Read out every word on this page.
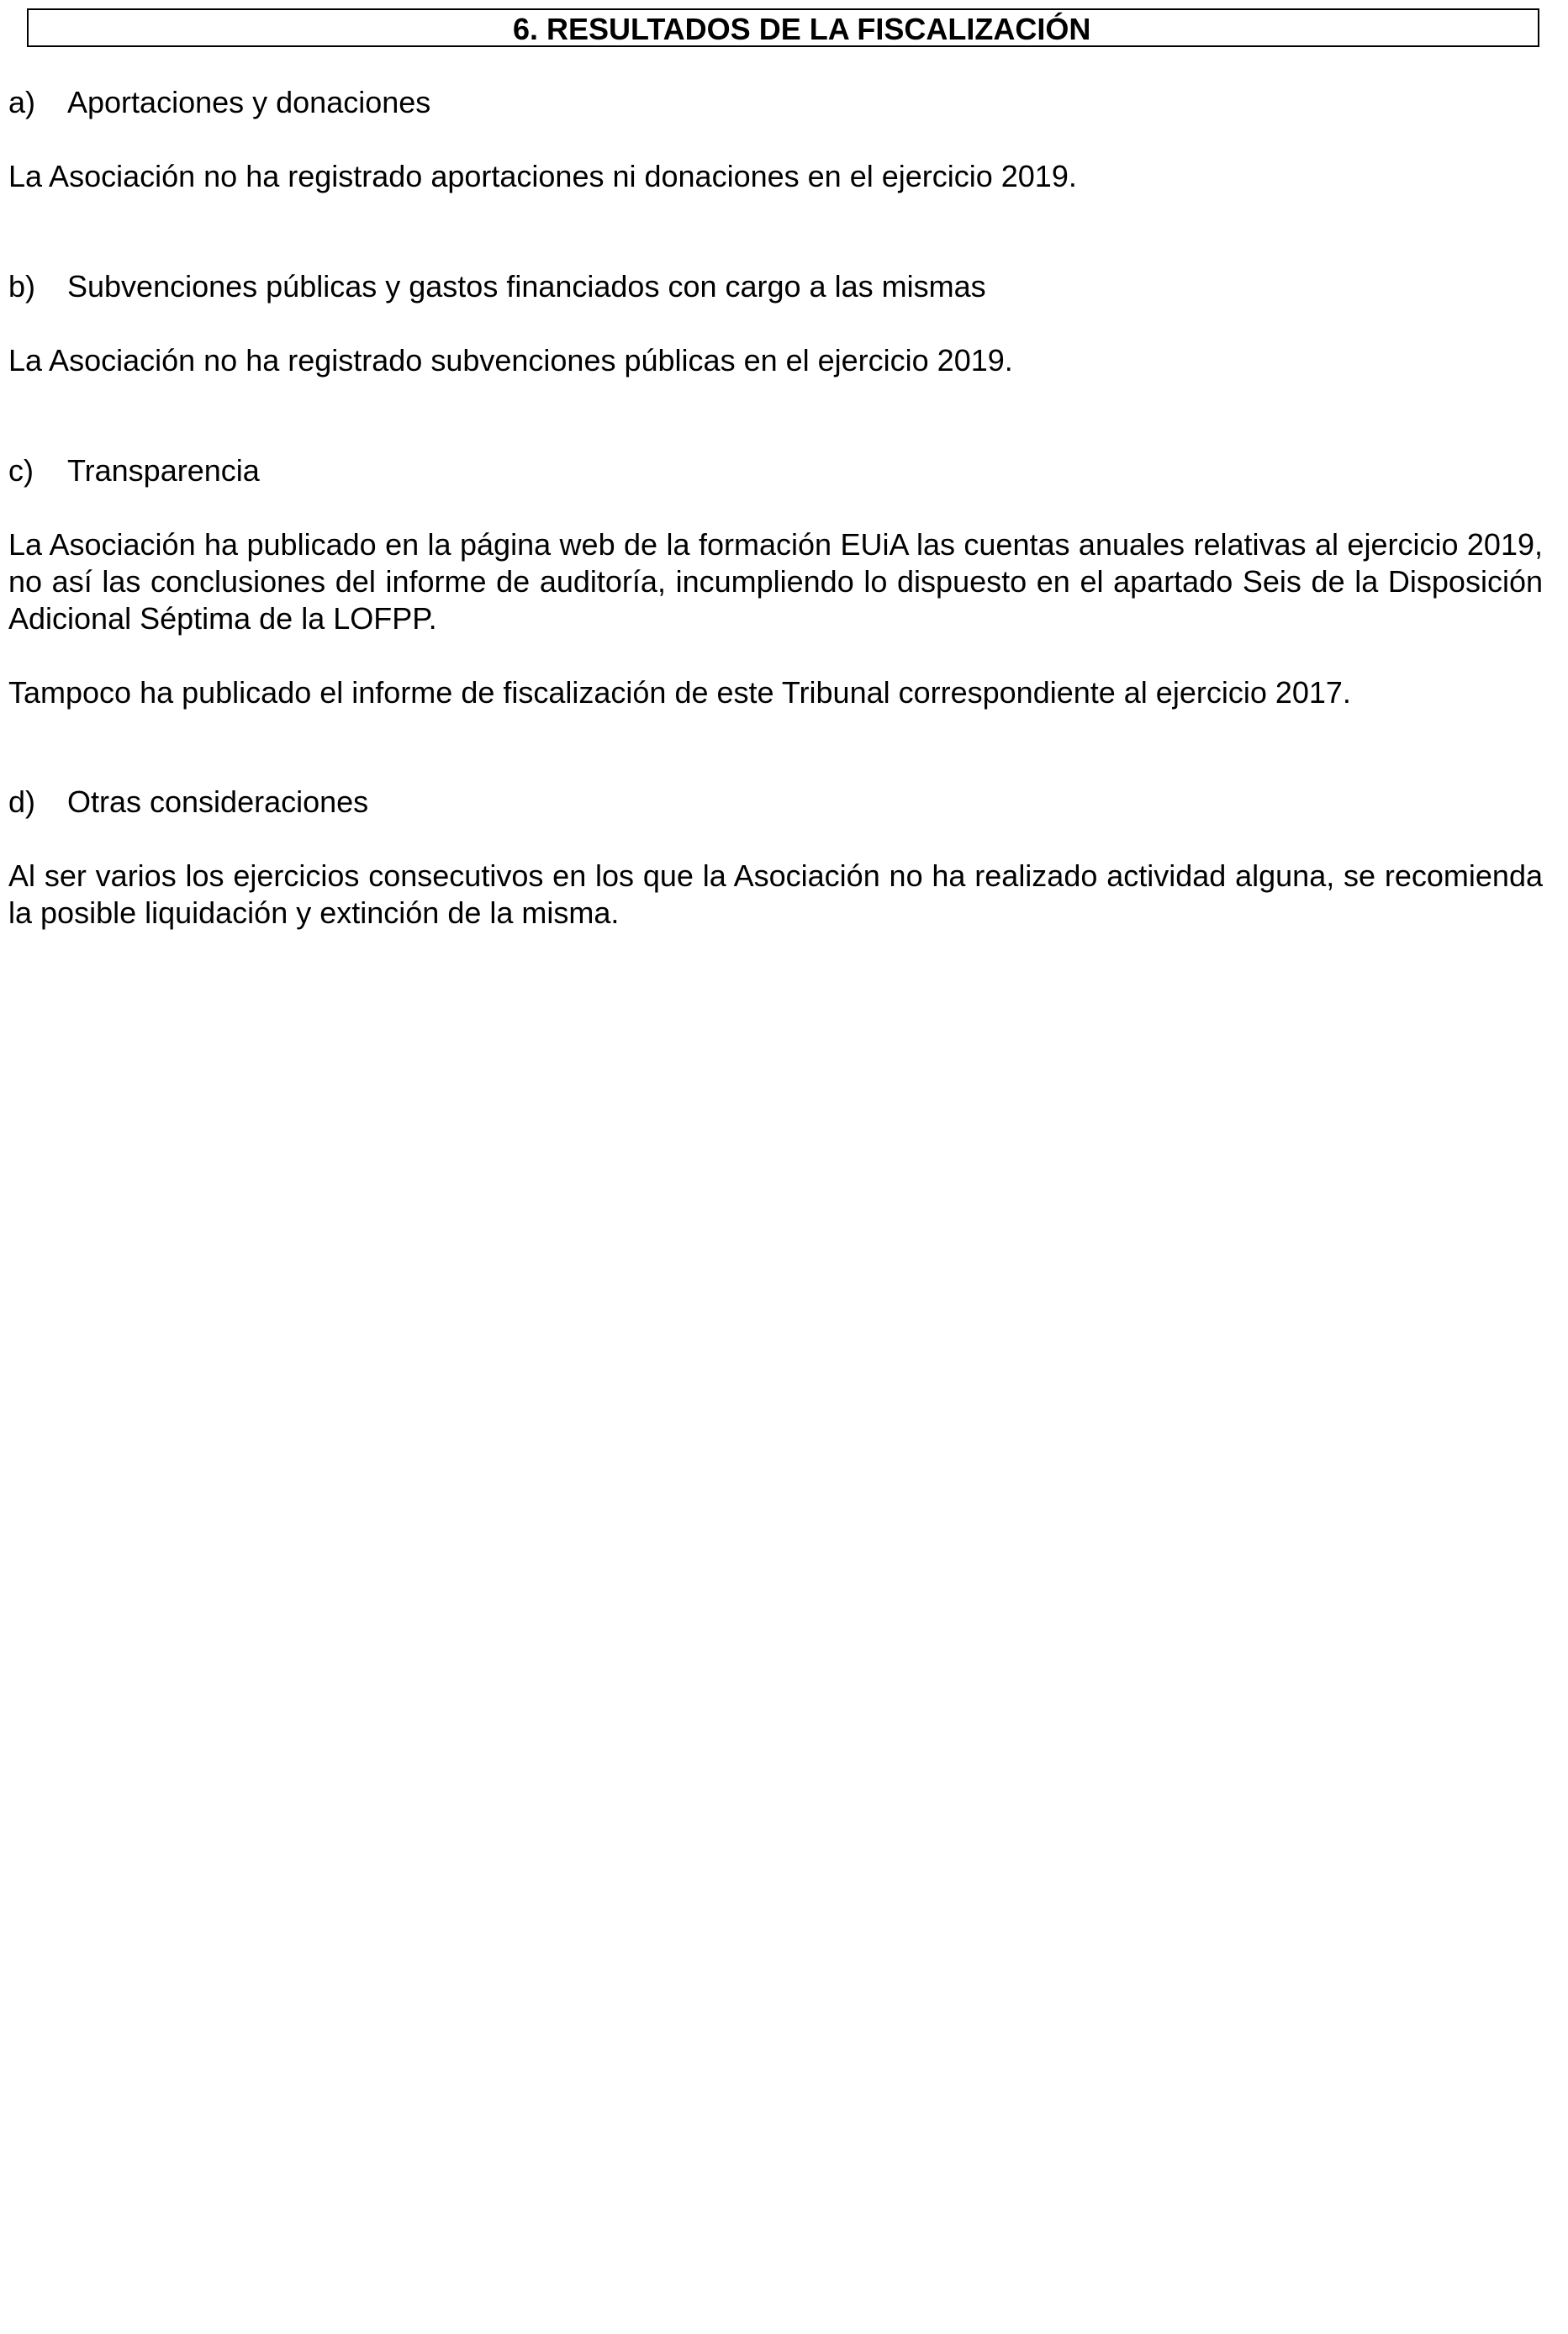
6. RESULTADOS DE LA FISCALIZACIÓN
a) Aportaciones y donaciones
La Asociación no ha registrado aportaciones ni donaciones en el ejercicio 2019.
b) Subvenciones públicas y gastos financiados con cargo a las mismas
La Asociación no ha registrado subvenciones públicas en el ejercicio 2019.
c) Transparencia
La Asociación ha publicado en la página web de la formación EUiA las cuentas anuales relativas al ejercicio 2019, no así las conclusiones del informe de auditoría, incumpliendo lo dispuesto en el apartado Seis de la Disposición Adicional Séptima de la LOFPP.
Tampoco ha publicado el informe de fiscalización de este Tribunal correspondiente al ejercicio 2017.
d) Otras consideraciones
Al ser varios los ejercicios consecutivos en los que la Asociación no ha realizado actividad alguna, se recomienda la posible liquidación y extinción de la misma.
